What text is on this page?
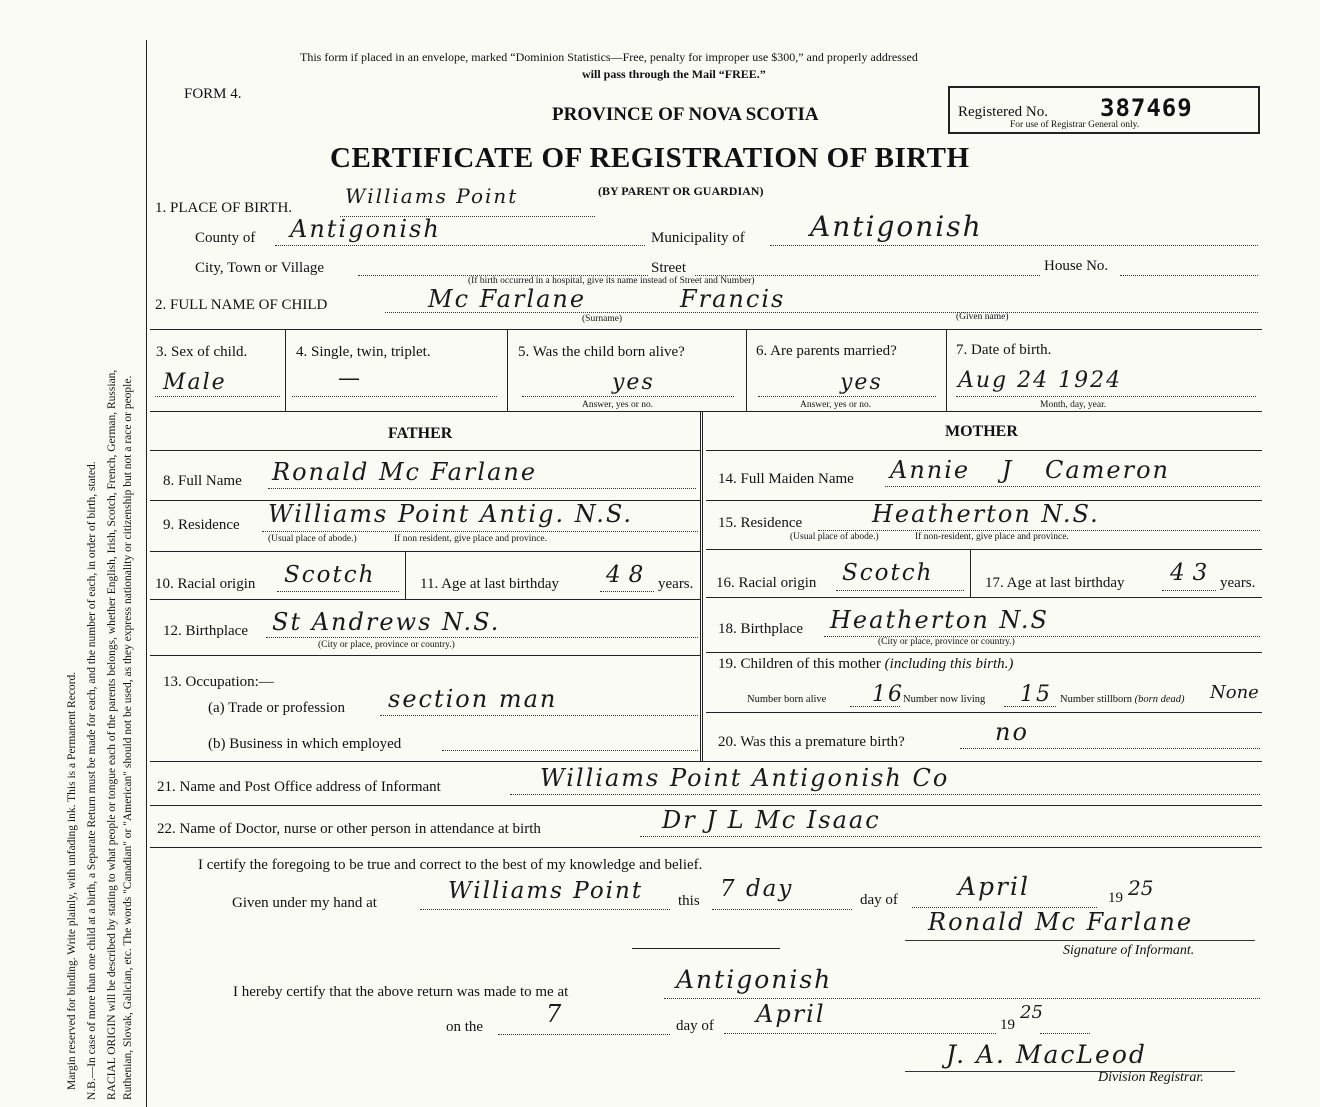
Margin reserved for binding. Write plainly, with unfading ink. This is a Permanent Record. N.B.—In case of more than one child at a birth, a Separate Return must be made for each, and the number of each, in order of birth, stated. RACIAL ORIGIN will be described by stating to what people or tongue each of the parents belongs, whether English, Irish, Scotch, French, German, Russian, Ruthenian, Slovak, Galician, etc. The words "Canadian" or "American" should not be used, as they express nationality or citizenship but not a race or people.
This form if placed in an envelope, marked “Dominion Statistics—Free, penalty for improper use $300,” and properly addressed
will pass through the Mail “FREE.”
FORM 4.
PROVINCE OF NOVA SCOTIA	Registered No. 387469
For use of Registrar General only.
CERTIFICATE OF REGISTRATION OF BIRTH
(BY PARENT OR GUARDIAN)
1. PLACE OF BIRTH.	Williams Point
County of Antigonish	Municipality of Antigonish
City, Town or Village	Street	House No.
(If birth occurred in a hospital, give its name instead of Street and Number)
2. FULL NAME OF CHILD	Mc Farlane	Francis
(Surname)	(Given name)
3. Sex of child.
Male
4. Single, twin, triplet.
—
5. Was the child born alive?
yes
Answer, yes or no.
6. Are parents married?
yes
Answer, yes or no.
7. Date of birth.
Aug 24 1924
Month, day, year.
FATHER	MOTHER
8. Full Name Ronald Mc Farlane	14. Full Maiden Name Annie J Cameron
9. Residence Williams Point Antig. N.S.
(Usual place of abode.)	If non resident, give place and province.
15. Residence	Heatherton N.S.
(Usual place of abode.)	If non-resident, give place and province.
10. Racial origin Scotch	11. Age at last birthday 48 years. 16. Racial origin Scotch	17. Age at last birthday 43 years.
12. Birthplace St Andrews N.S.
(City or place, province or country.)
18. Birthplace Heatherton N.S
(City or place, province or country.)
13. Occupation:—
(a) Trade or profession section man
(b) Business in which employed
19. Children of this mother (including this birth.)
Number born alive 16 Number now living 15 Number stillborn (born dead) None
20. Was this a premature birth?	no
21. Name and Post Office address of Informant	Williams Point Antigonish Co
22. Name of Doctor, nurse or other person in attendance at birth	Dr J L Mc Isaac
I certify the foregoing to be true and correct to the best of my knowledge and belief.
Given under my hand at	Williams Point this 7 day	day of April	19 25
Ronald Mc Farlane
Signature of Informant.
I hereby certify that the above return was made to me at	Antigonish
on the	7	day of April	19
25
J. A. MacLeod
Division Registrar.
